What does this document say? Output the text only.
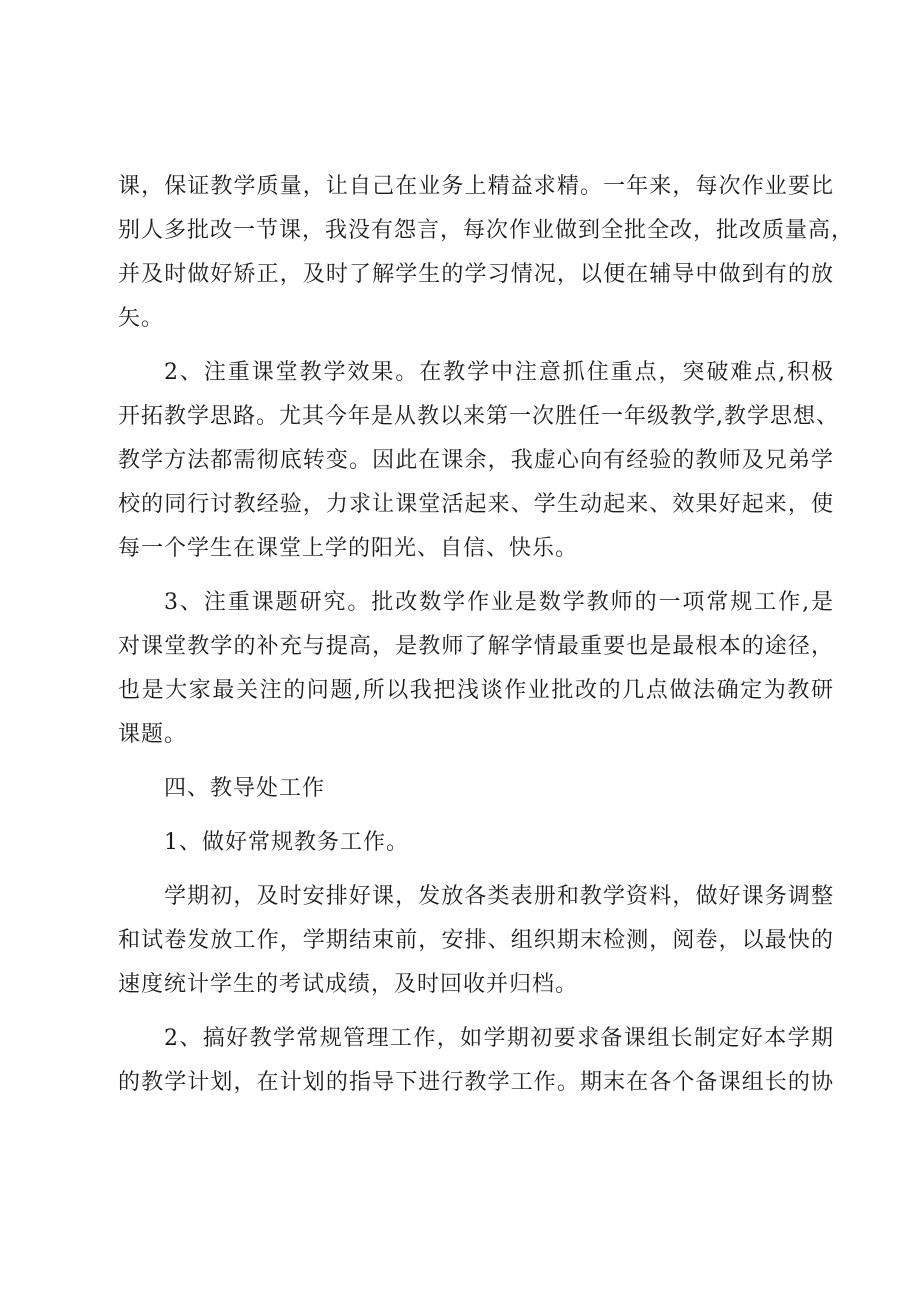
课，保证教学质量，让自己在业务上精益求精。一年来，每次作业要比
别人多批改一节课，我没有怨言，每次作业做到全批全改，批改质量高，
并及时做好矫正，及时了解学生的学习情况，以便在辅导中做到有的放
矢。
2、注重课堂教学效果。在教学中注意抓住重点，突破难点,积极
开拓教学思路。尤其今年是从教以来第一次胜任一年级教学,教学思想、
教学方法都需彻底转变。因此在课余，我虚心向有经验的教师及兄弟学
校的同行讨教经验，力求让课堂活起来、学生动起来、效果好起来，使
每一个学生在课堂上学的阳光、自信、快乐。
3、注重课题研究。批改数学作业是数学教师的一项常规工作,是
对课堂教学的补充与提高，是教师了解学情最重要也是最根本的途径，
也是大家最关注的问题,所以我把浅谈作业批改的几点做法确定为教研
课题。
四、教导处工作
1、做好常规教务工作。
学期初，及时安排好课，发放各类表册和教学资料，做好课务调整
和试卷发放工作，学期结束前，安排、组织期末检测，阅卷，以最快的
速度统计学生的考试成绩，及时回收并归档。
2、搞好教学常规管理工作，如学期初要求备课组长制定好本学期
的教学计划，在计划的指导下进行教学工作。期末在各个备课组长的协
